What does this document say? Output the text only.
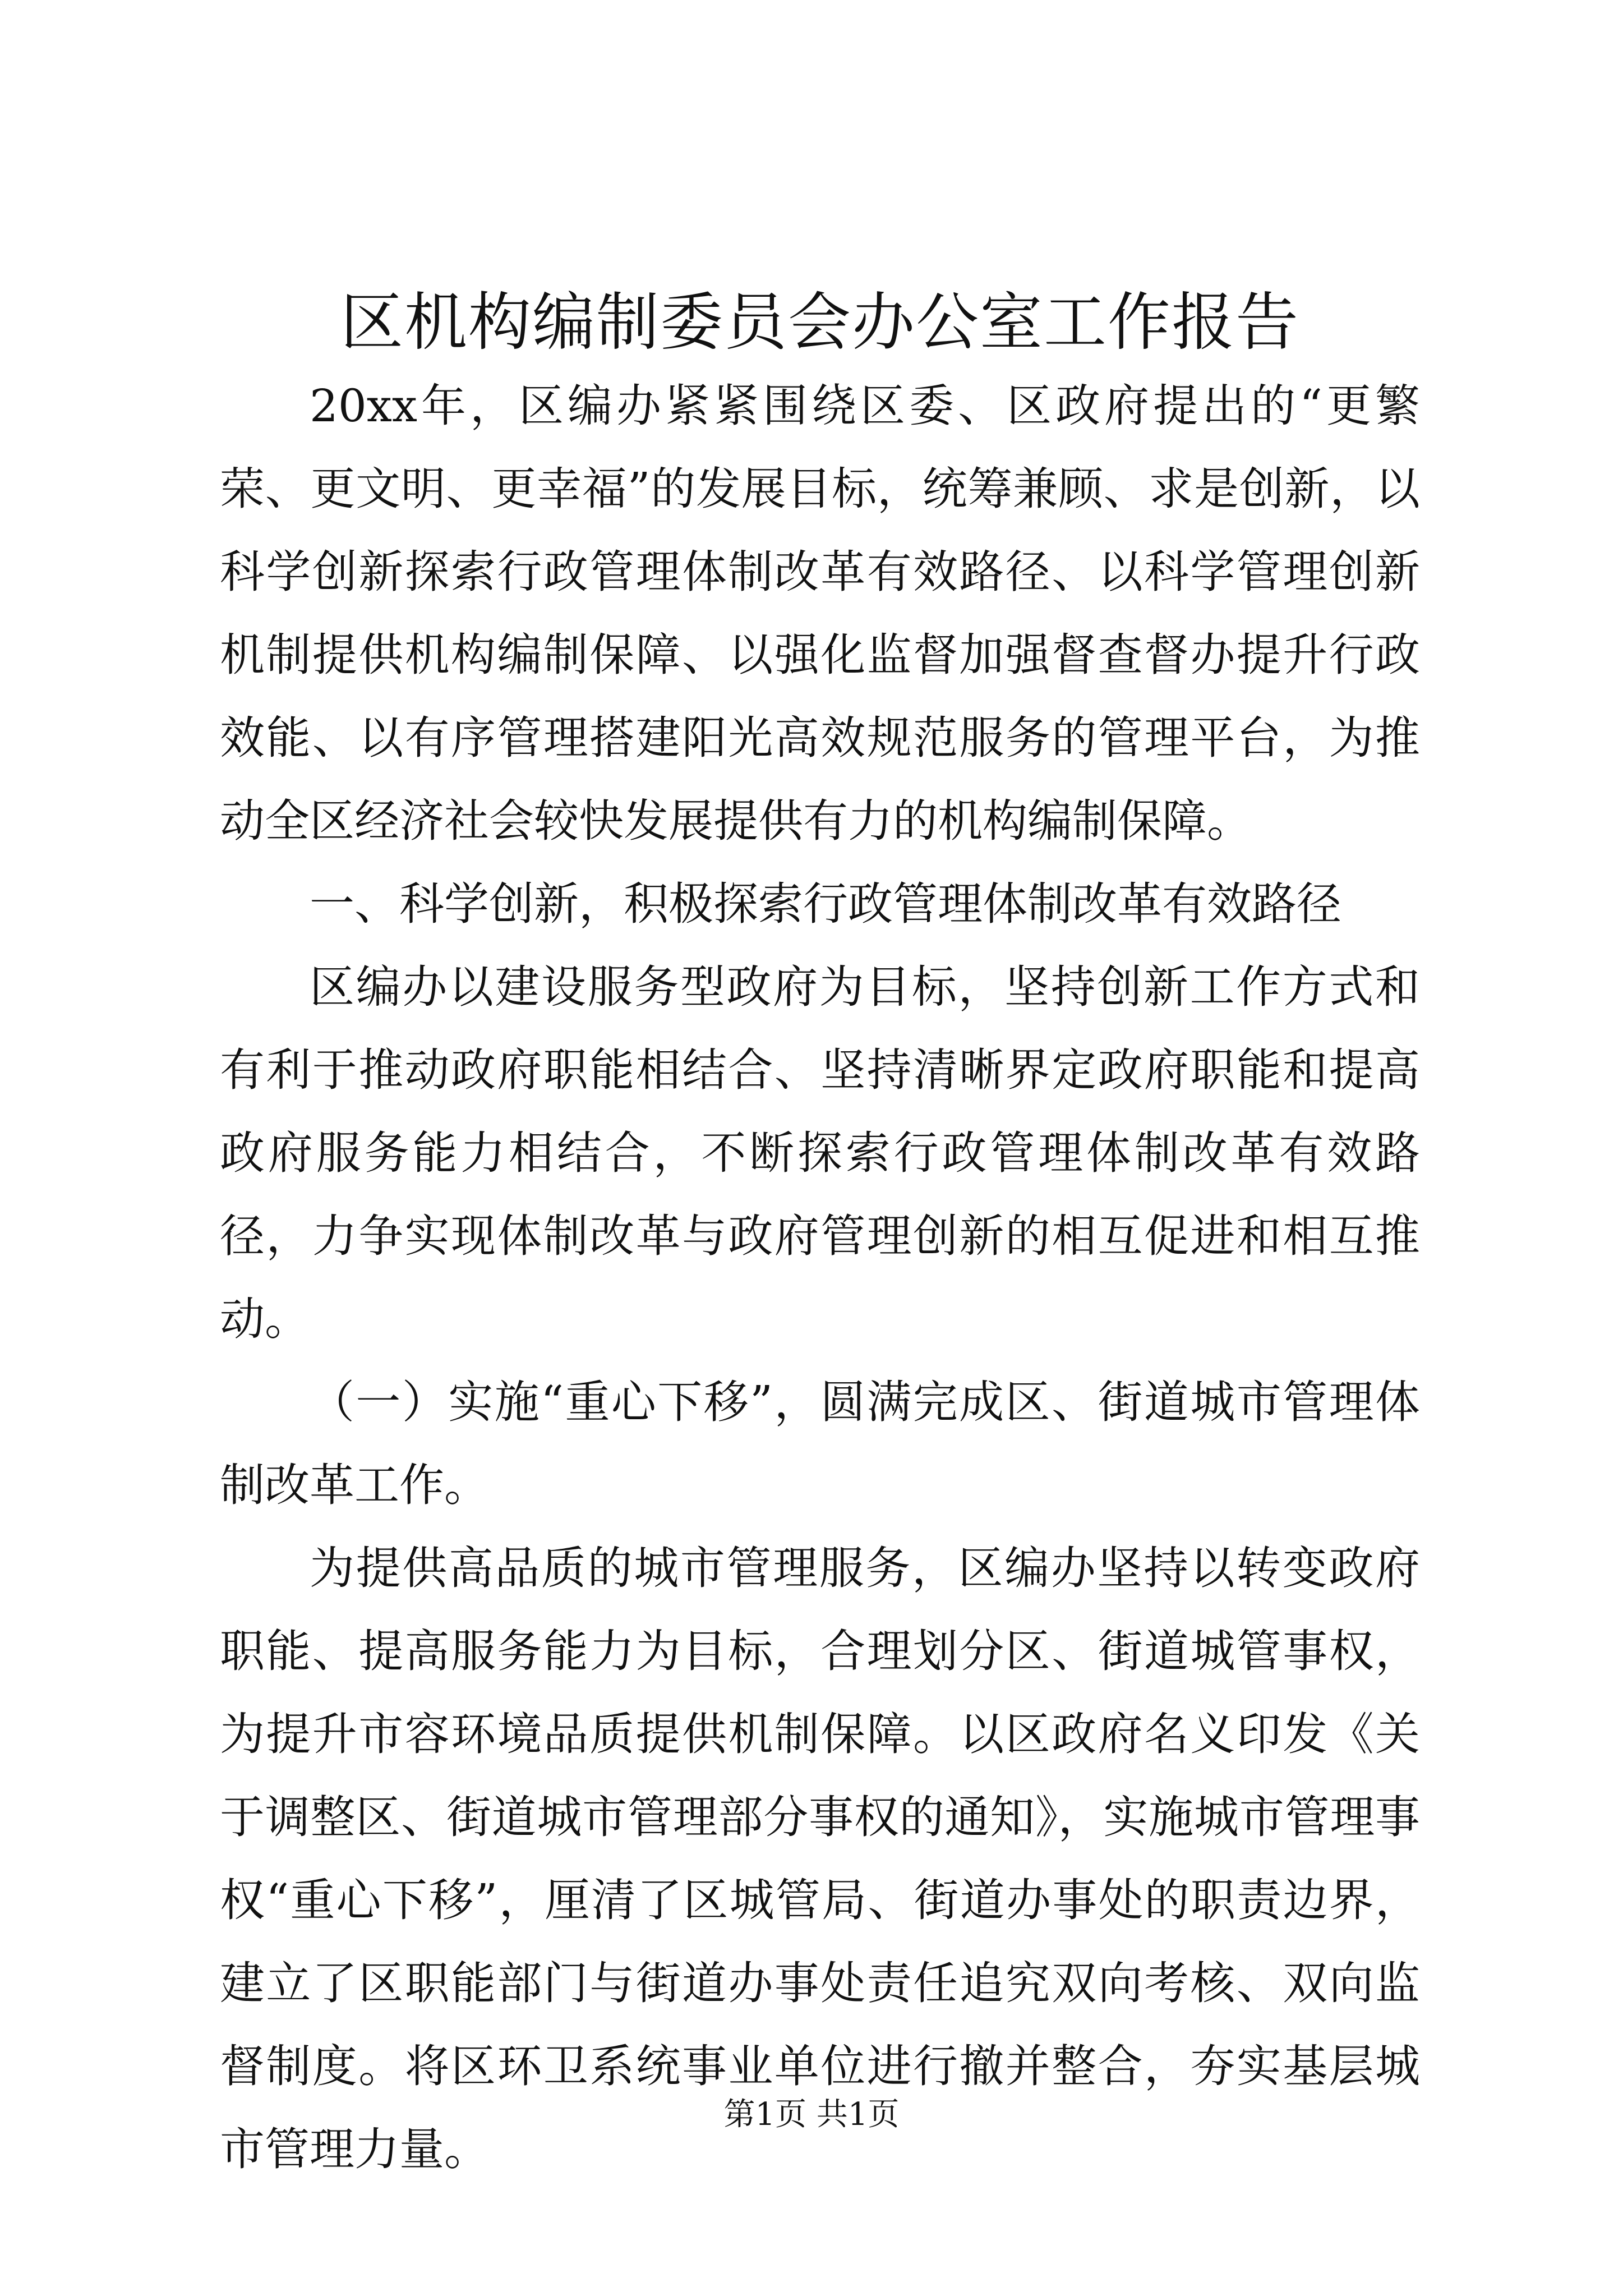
区机构编制委员会办公室工作报告

20xx年，区编办紧紧围绕区委、区政府提出的“更繁荣、更文明、更幸福”的发展目标，统筹兼顾、求是创新，以科学创新探索行政管理体制改革有效路径、以科学管理创新机制提供机构编制保障、以强化监督加强督查督办提升行政效能、以有序管理搭建阳光高效规范服务的管理平台，为推动全区经济社会较快发展提供有力的机构编制保障。

一、科学创新，积极探索行政管理体制改革有效路径

区编办以建设服务型政府为目标，坚持创新工作方式和有利于推动政府职能相结合、坚持清晰界定政府职能和提高政府服务能力相结合，不断探索行政管理体制改革有效路径，力争实现体制改革与政府管理创新的相互促进和相互推动。

（一）实施“重心下移”，圆满完成区、街道城市管理体制改革工作。

为提供高品质的城市管理服务，区编办坚持以转变政府职能、提高服务能力为目标，合理划分区、街道城管事权，为提升市容环境品质提供机制保障。以区政府名义印发《关于调整区、街道城市管理部分事权的通知》，实施城市管理事权“重心下移”，厘清了区城管局、街道办事处的职责边界，建立了区职能部门与街道办事处责任追究双向考核、双向监督制度。将区环卫系统事业单位进行撤并整合，夯实基层城市管理力量。

第1页 共1页
